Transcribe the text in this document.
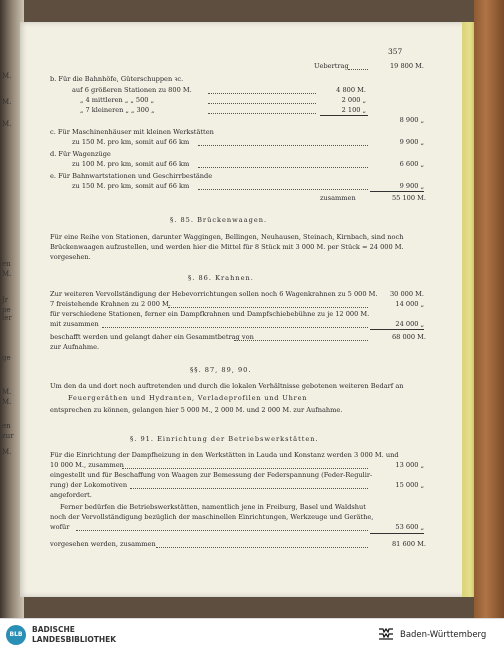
M.
M.
M.
en
M.
Jr
pe
ler
ge
M.
M.
en
zur
M.
357
Uebertrag	19 800 M.
b. Für die Bahnhöfe, Güterschuppen ꝛc.
auf 6 größeren Stationen zu 800 M.	4 800 M.
„ 4 mittleren „ „ 500 „	2 000 „
„ 7 kleineren „ „ 300 „	2 100 „
8 900 „
c. Für Maschinenhäuser mit kleinen Werkstätten
zu 150 M. pro km, somit auf 66 km	9 900 „
d. Für Wagenzüge
zu 100 M. pro km, somit auf 66 km	6 600 „
e. Für Bahnwartstationen und Geschirrbestände
zu 150 M. pro km, somit auf 66 km	9 900 „
zusammen	55 100 M.
§. 85. Brückenwaagen.
Für eine Reihe von Stationen, darunter Waggingen, Bellingen, Neuhausen, Steinach, Kirnbach, sind noch
Brückenwaagen aufzustellen, und werden hier die Mittel für 8 Stück mit 3 000 M. per Stück = 24 000 M.
vorgesehen.
§. 86. Krahnen.
Zur weiteren Vervollständigung der Hebevorrichtungen sollen noch 6 Wagenkrahnen zu 5 000 M.	30 000 M.
7 freistehende Krahnen zu 2 000 M.	14 000 „
für verschiedene Stationen, ferner ein Dampfkrahnen und Dampfschiebebühne zu je 12 000 M.
mit zusammen	24 000 „
beschafft werden und gelangt daher ein Gesammtbetrag von	68 000 M.
zur Aufnahme.
§§. 87, 89, 90.
Um den da und dort noch auftretenden und durch die lokalen Verhältnisse gebotenen weiteren Bedarf an
Feuergeräthen und Hydranten, Verladeprofilen und Uhren
entsprechen zu können, gelangen hier 5 000 M., 2 000 M. und 2 000 M. zur Aufnahme.
§. 91. Einrichtung der Betriebswerkstätten.
Für die Einrichtung der Dampfheizung in den Werkstätten in Lauda und Konstanz werden 3 000 M. und
10 000 M., zusammen	13 000 „
eingestellt und für Beschaffung von Waagen zur Bemessung der Federspannung (Feder-Regulir-
rung) der Lokomotiven	15 000 „
angefordert.
Ferner bedürfen die Betriebswerkstätten, namentlich jene in Freiburg, Basel und Waldshut
noch der Vervollständigung bezüglich der maschinellen Einrichtungen, Werkzeuge und Geräthe,
wofür	53 600 „
vorgesehen werden, zusammen	81 600 M.
BLB
BADISCHE
LANDESBIBLIOTHEK	Baden-Württemberg
